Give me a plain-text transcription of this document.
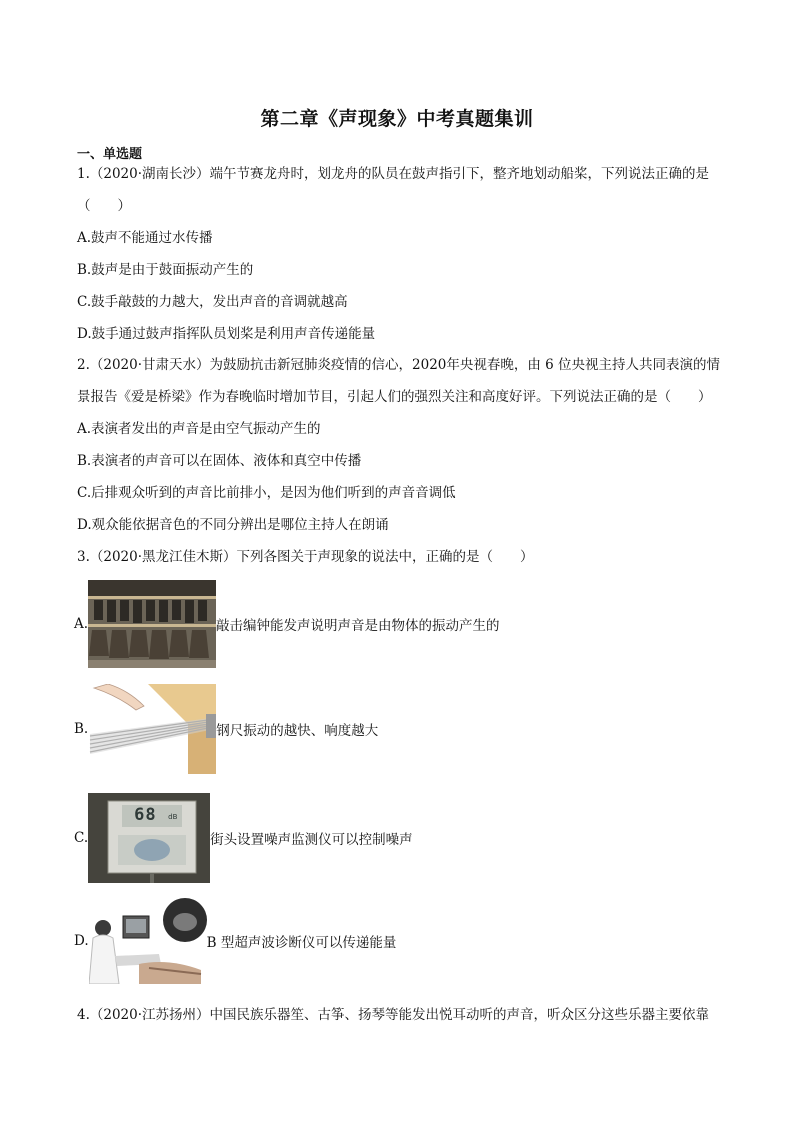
第二章《声现象》中考真题集训
一、单选题
1.（2020·湖南长沙）端午节赛龙舟时，划龙舟的队员在鼓声指引下，整齐地划动船桨，下列说法正确的是
（　　）
A.鼓声不能通过水传播
B.鼓声是由于鼓面振动产生的
C.鼓手敲鼓的力越大，发出声音的音调就越高
D.鼓手通过鼓声指挥队员划桨是利用声音传递能量
2.（2020·甘肃天水）为鼓励抗击新冠肺炎疫情的信心，2020年央视春晚，由 6 位央视主持人共同表演的情
景报告《爱是桥梁》作为春晚临时增加节目，引起人们的强烈关注和高度好评。下列说法正确的是（　　）
A.表演者发出的声音是由空气振动产生的
B.表演者的声音可以在固体、液体和真空中传播
C.后排观众听到的声音比前排小，是因为他们听到的声音音调低
D.观众能依据音色的不同分辨出是哪位主持人在朗诵
3.（2020·黑龙江佳木斯）下列各图关于声现象的说法中，正确的是（　　）
A.	敲击编钟能发声说明声音是由物体的振动产生的
B.	钢尺振动的越快、响度越大
C.
68 dB
街头设置噪声监测仪可以控制噪声
D.	B 型超声波诊断仪可以传递能量
4.（2020·江苏扬州）中国民族乐器笙、古筝、扬琴等能发出悦耳动听的声音，听众区分这些乐器主要依靠
